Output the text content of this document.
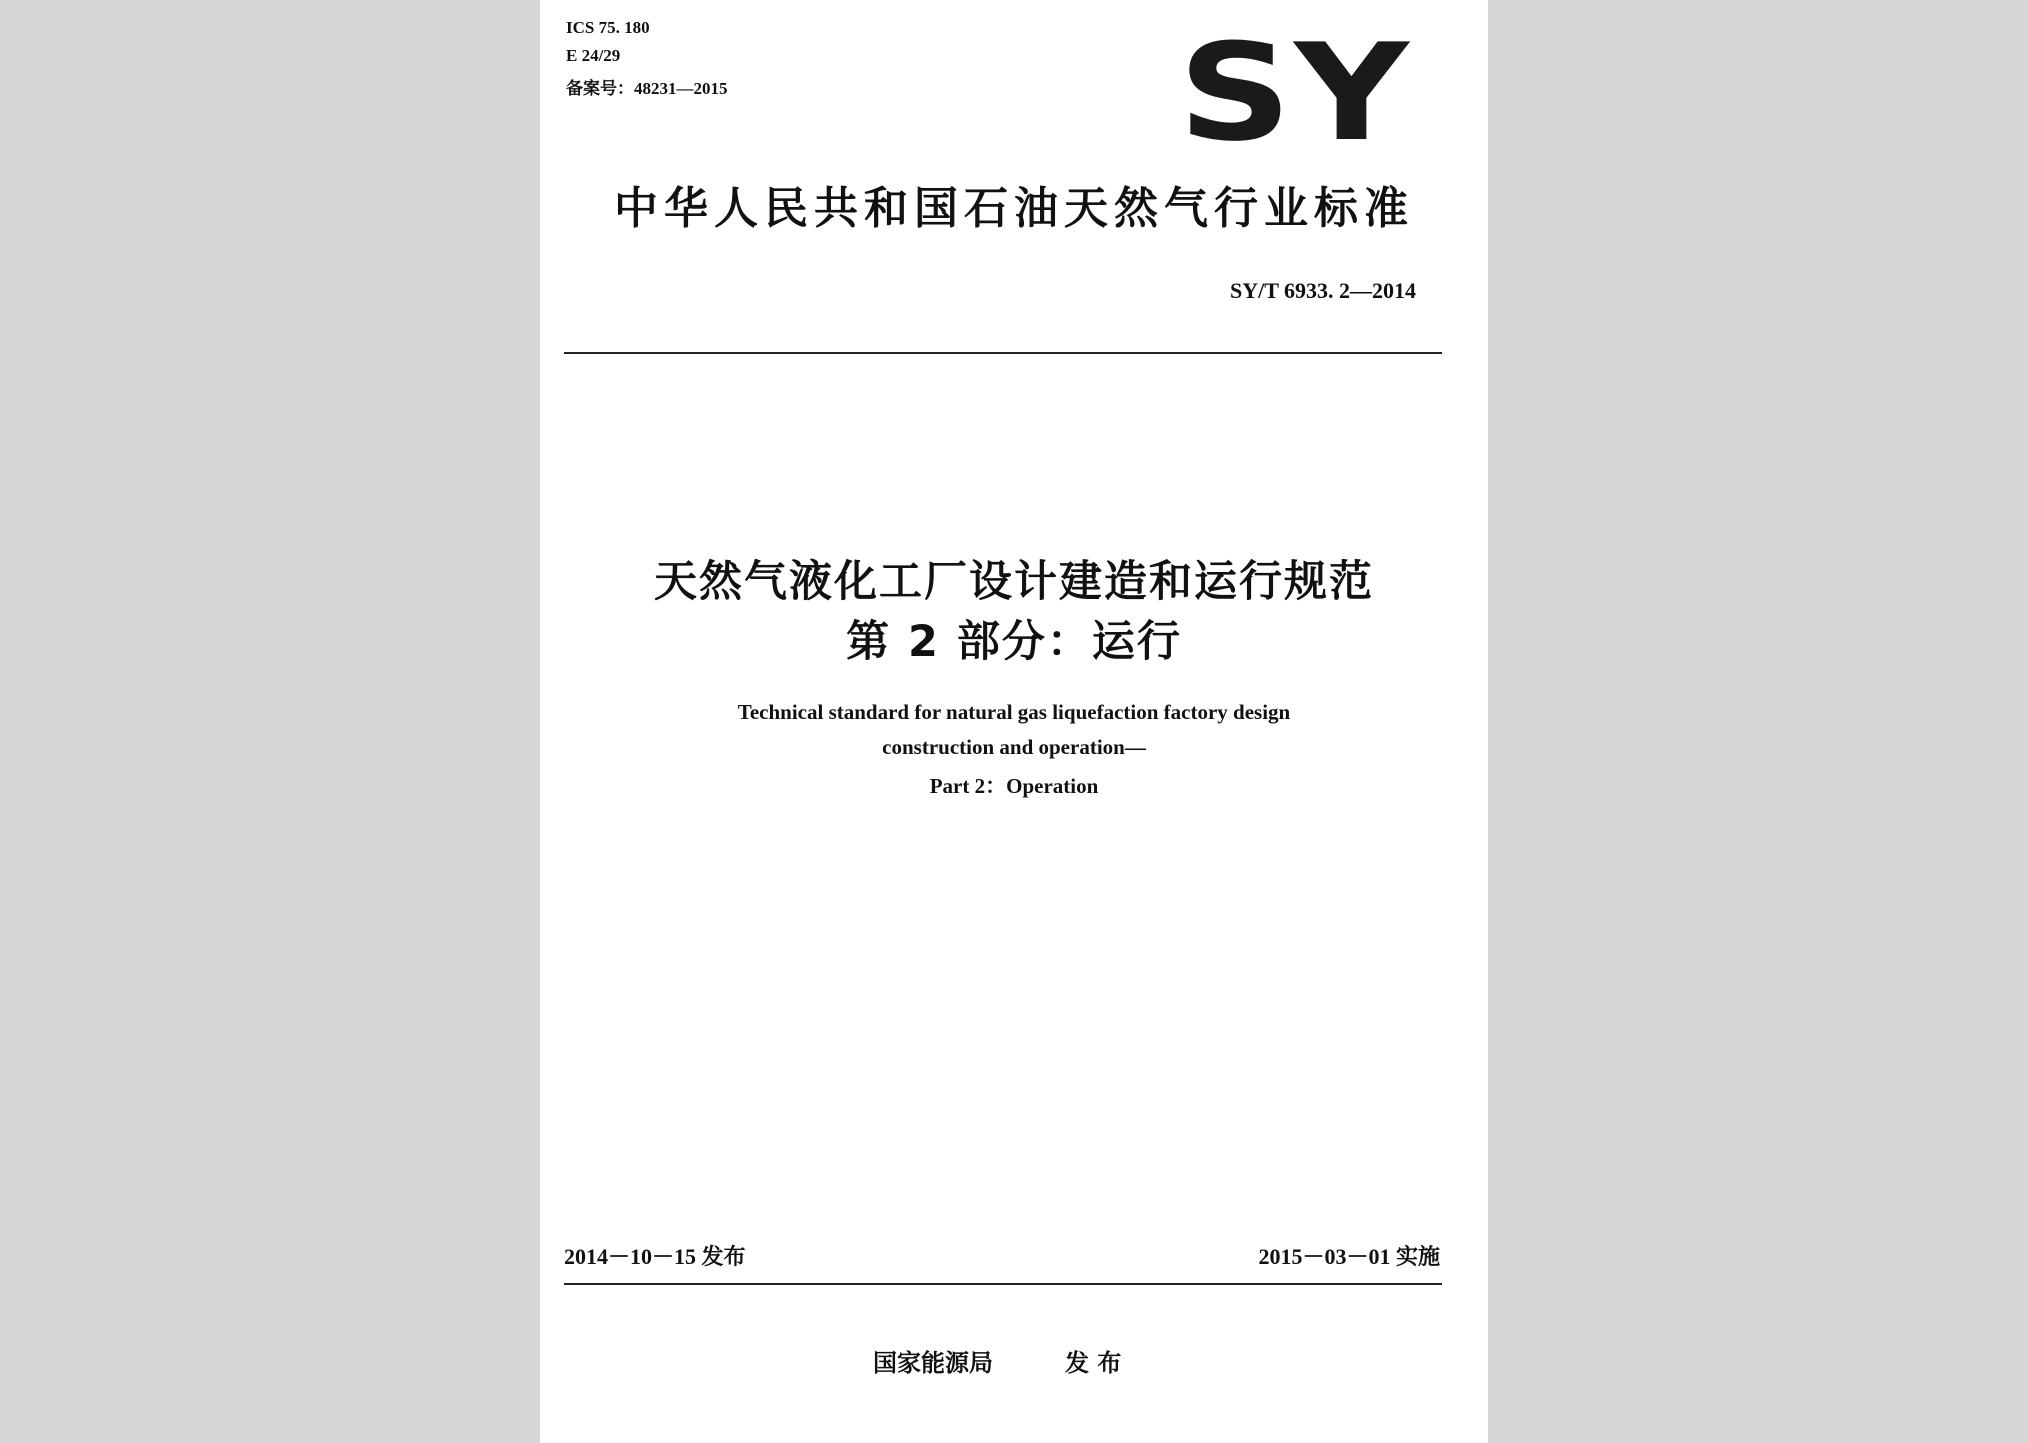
ICS 75. 180

E 24/29

备案号：48231—2015	SY
中华人民共和国石油天然气行业标准

SY/T 6933. 2—2014

天然气液化工厂设计建造和运行规范
第 2 部分：运行

Technical standard for natural gas liquefaction factory design

construction and operation—

Part 2：Operation

2014－10－15 发布	2015－03－01 实施

国家能源局	发 布
